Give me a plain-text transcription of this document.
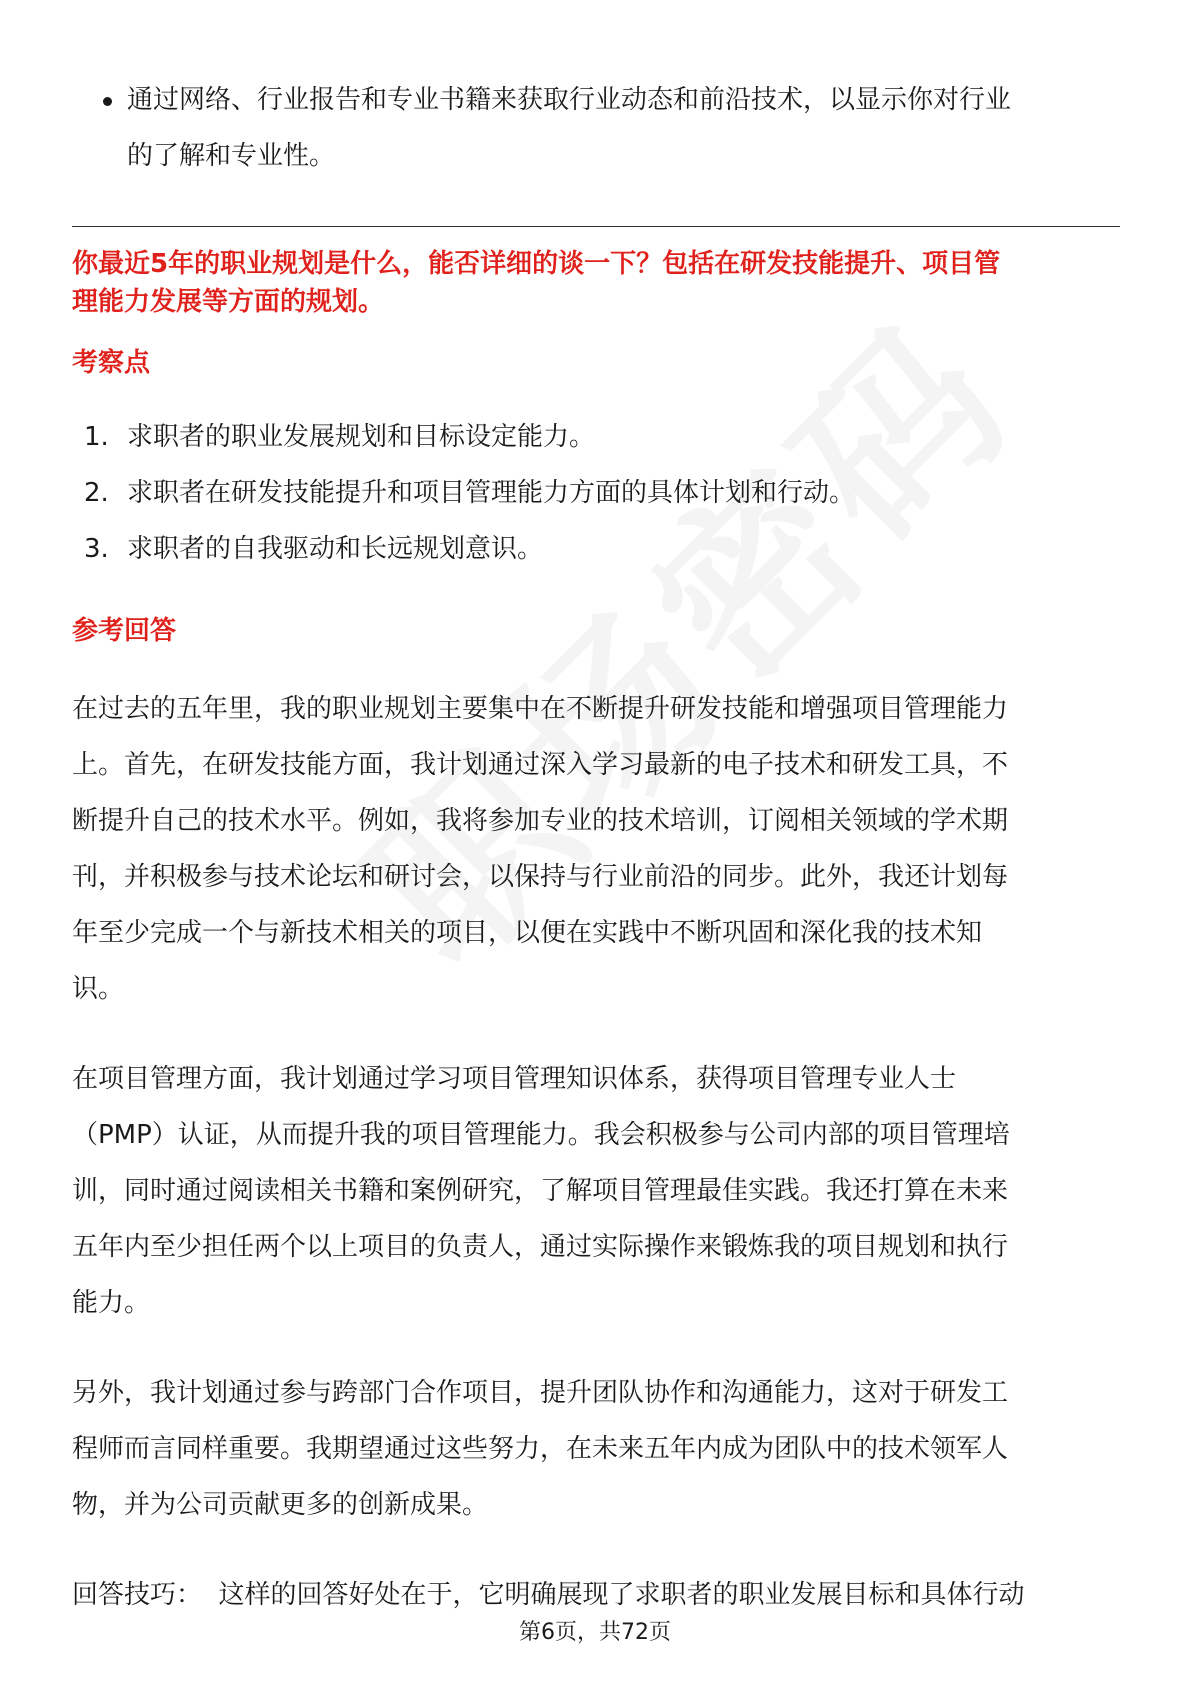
通过网络、行业报告和专业书籍来获取行业动态和前沿技术，以显示你对行业
的了解和专业性。
你最近5年的职业规划是什么，能否详细的谈一下？包括在研发技能提升、项目管
理能力发展等方面的规划。
考察点
1. 求职者的职业发展规划和目标设定能力。
2. 求职者在研发技能提升和项目管理能力方面的具体计划和行动。
3. 求职者的自我驱动和长远规划意识。
参考回答
在过去的五年里，我的职业规划主要集中在不断提升研发技能和增强项目管理能力
上。首先，在研发技能方面，我计划通过深入学习最新的电子技术和研发工具，不
断提升自己的技术水平。例如，我将参加专业的技术培训，订阅相关领域的学术期
刊，并积极参与技术论坛和研讨会，以保持与行业前沿的同步。此外，我还计划每
年至少完成一个与新技术相关的项目，以便在实践中不断巩固和深化我的技术知
识。
在项目管理方面，我计划通过学习项目管理知识体系，获得项目管理专业人士
（PMP）认证，从而提升我的项目管理能力。我会积极参与公司内部的项目管理培
训，同时通过阅读相关书籍和案例研究，了解项目管理最佳实践。我还打算在未来
五年内至少担任两个以上项目的负责人，通过实际操作来锻炼我的项目规划和执行
能力。
另外，我计划通过参与跨部门合作项目，提升团队协作和沟通能力，这对于研发工
程师而言同样重要。我期望通过这些努力，在未来五年内成为团队中的技术领军人
物，并为公司贡献更多的创新成果。
回答技巧： 这样的回答好处在于，它明确展现了求职者的职业发展目标和具体行动
第6页，共72页
